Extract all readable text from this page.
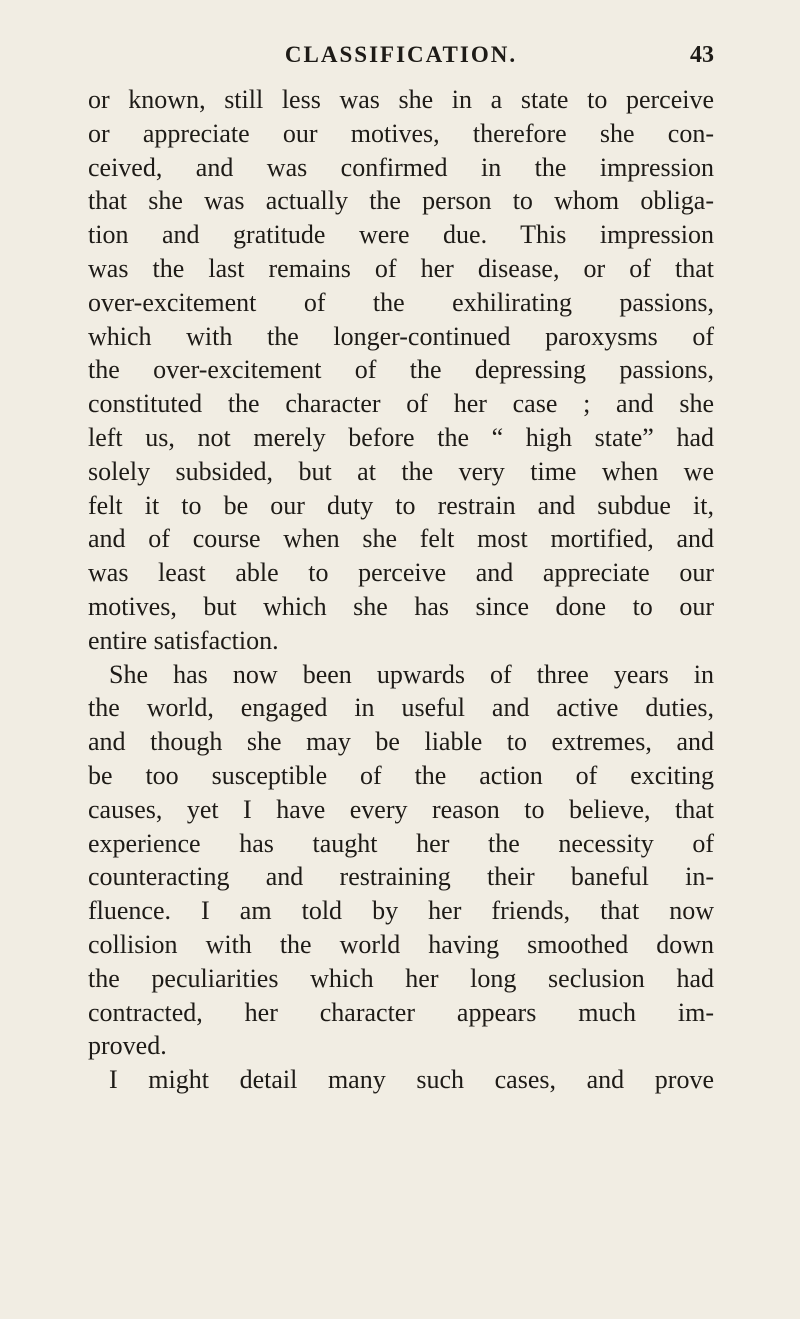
CLASSIFICATION.	43
or known, still less was she in a state to perceive
or appreciate our motives, therefore she con-
ceived, and was confirmed in the impression
that she was actually the person to whom obliga-
tion and gratitude were due. This impression
was the last remains of her disease, or of that
over-excitement of the exhilirating passions,
which with the longer-continued paroxysms of
the over-excitement of the depressing passions,
constituted the character of her case ; and she
left us, not merely before the “ high state” had
solely subsided, but at the very time when we
felt it to be our duty to restrain and subdue it,
and of course when she felt most mortified, and
was least able to perceive and appreciate our
motives, but which she has since done to our
entire satisfaction.
She has now been upwards of three years in
the world, engaged in useful and active duties,
and though she may be liable to extremes, and
be too susceptible of the action of exciting
causes, yet I have every reason to believe, that
experience has taught her the necessity of
counteracting and restraining their baneful in-
fluence. I am told by her friends, that now
collision with the world having smoothed down
the peculiarities which her long seclusion had
contracted, her character appears much im-
proved.
I might detail many such cases, and prove
